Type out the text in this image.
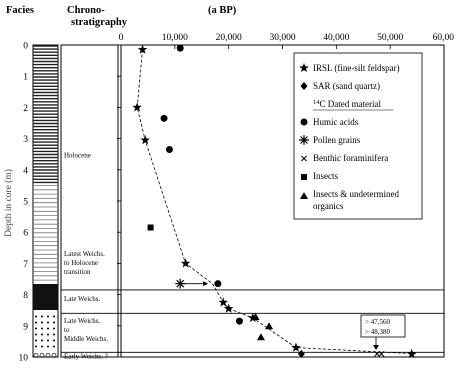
Facies	Chrono-
stratigraphy
(a BP)
Depth in core (m)
Holocene
Latest Weichs.
to Holocene
transition
Late Weichs.
Late Weichs.
to
Middle Weichs.
Early Weichs. ?
0	10,000	20,000	30,000	40,000	50,000	60,00
0
1
2
3
4
5
6
7
8
9
10
> 47,560
> 48,380
IRSL (fine-silt feldspar)
SAR (sand quartz)
$^{14}$C Dated material
Humic acids
Pollen grains
Benthic foraminifera
Insects
Insects & undetermined
organics
